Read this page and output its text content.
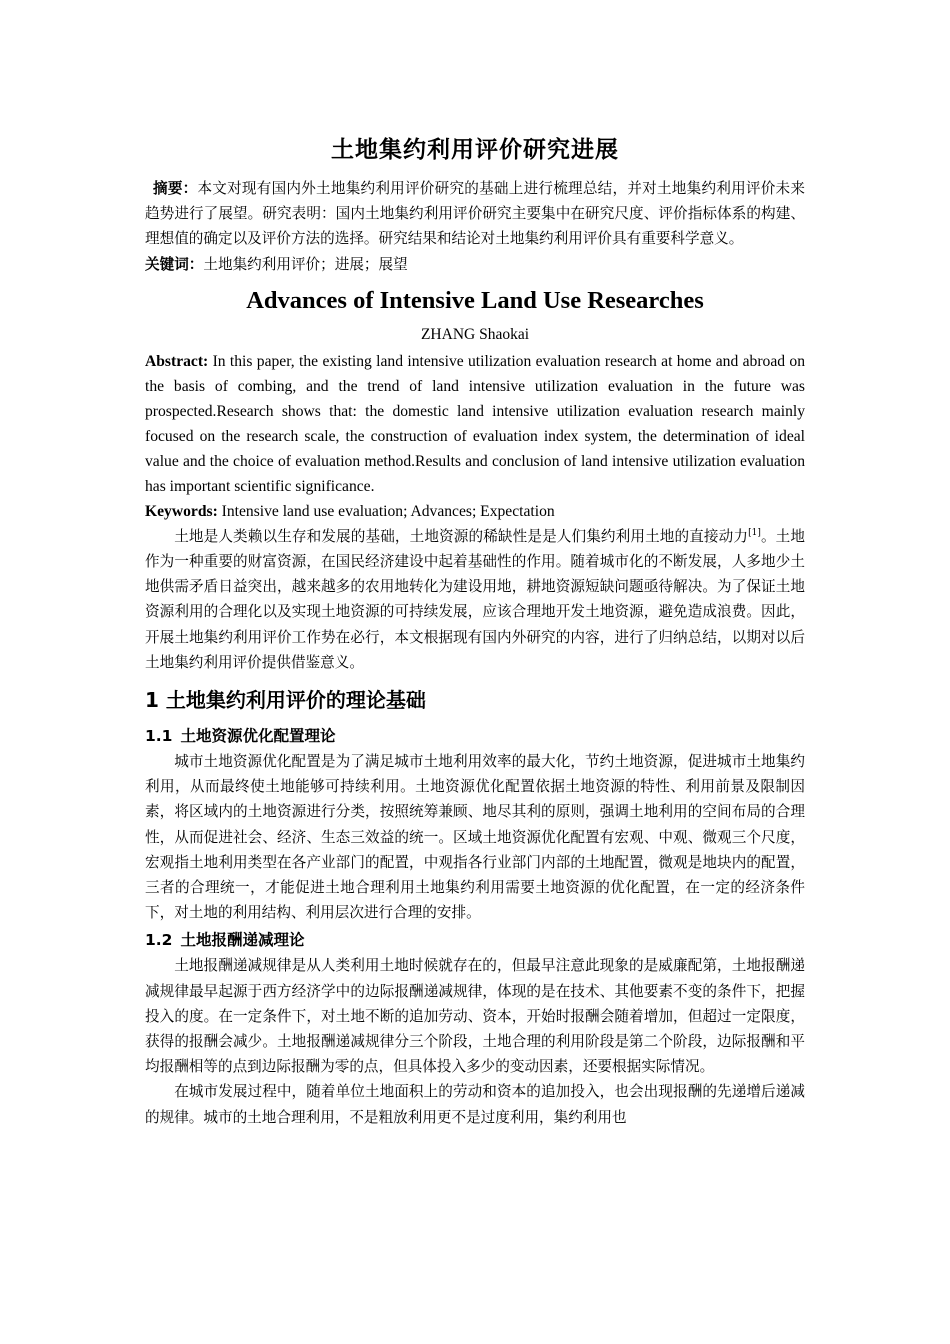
土地集约利用评价研究进展

摘要：本文对现有国内外土地集约利用评价研究的基础上进行梳理总结，并对土地集约利用评价未来趋势进行了展望。研究表明：国内土地集约利用评价研究主要集中在研究尺度、评价指标体系的构建、理想值的确定以及评价方法的选择。研究结果和结论对土地集约利用评价具有重要科学意义。

关键词：土地集约利用评价；进展；展望

Advances of Intensive Land Use Researches

ZHANG Shaokai

Abstract: In this paper, the existing land intensive utilization evaluation research at home and abroad on the basis of combing, and the trend of land intensive utilization evaluation in the future was prospected.Research shows that: the domestic land intensive utilization evaluation research mainly focused on the research scale, the construction of evaluation index system, the determination of ideal value and the choice of evaluation method.Results and conclusion of land intensive utilization evaluation has important scientific significance.

Keywords: Intensive land use evaluation; Advances; Expectation

土地是人类赖以生存和发展的基础，土地资源的稀缺性是是人们集约利用土地的直接动力[1]。土地作为一种重要的财富资源，在国民经济建设中起着基础性的作用。随着城市化的不断发展，人多地少土地供需矛盾日益突出，越来越多的农用地转化为建设用地，耕地资源短缺问题亟待解决。为了保证土地资源利用的合理化以及实现土地资源的可持续发展，应该合理地开发土地资源，避免造成浪费。因此，开展土地集约利用评价工作势在必行，本文根据现有国内外研究的内容，进行了归纳总结，以期对以后土地集约利用评价提供借鉴意义。

1 土地集约利用评价的理论基础
1.1 土地资源优化配置理论

城市土地资源优化配置是为了满足城市土地利用效率的最大化，节约土地资源，促进城市土地集约利用，从而最终使土地能够可持续利用。土地资源优化配置依据土地资源的特性、利用前景及限制因素，将区域内的土地资源进行分类，按照统筹兼顾、地尽其利的原则，强调土地利用的空间布局的合理性，从而促进社会、经济、生态三效益的统一。区域土地资源优化配置有宏观、中观、微观三个尺度，宏观指土地利用类型在各产业部门的配置，中观指各行业部门内部的土地配置，微观是地块内的配置，三者的合理统一，才能促进土地合理利用土地集约利用需要土地资源的优化配置，在一定的经济条件下，对土地的利用结构、利用层次进行合理的安排。

1.2 土地报酬递减理论

土地报酬递减规律是从人类利用土地时候就存在的，但最早注意此现象的是威廉配第，土地报酬递减规律最早起源于西方经济学中的边际报酬递减规律，体现的是在技术、其他要素不变的条件下，把握投入的度。在一定条件下，对土地不断的追加劳动、资本，开始时报酬会随着增加，但超过一定限度，获得的报酬会减少。土地报酬递减规律分三个阶段，土地合理的利用阶段是第二个阶段，边际报酬和平均报酬相等的点到边际报酬为零的点，但具体投入多少的变动因素，还要根据实际情况。

在城市发展过程中，随着单位土地面积上的劳动和资本的追加投入，也会出现报酬的先递增后递减的规律。城市的土地合理利用，不是粗放利用更不是过度利用，集约利用也
